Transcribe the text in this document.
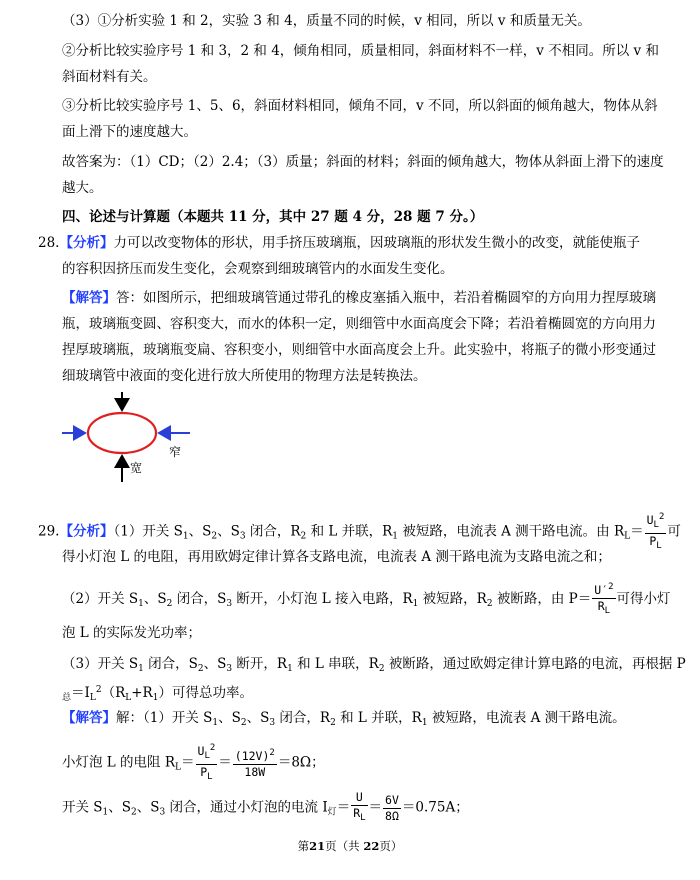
（3）①分析实验 1 和 2，实验 3 和 4，质量不同的时候，v 相同，所以 v 和质量无关。
②分析比较实验序号 1 和 3，2 和 4，倾角相同，质量相同，斜面材料不一样，v 不相同。所以 v 和
斜面材料有关。
③分析比较实验序号 1、5、6，斜面材料相同，倾角不同，v 不同，所以斜面的倾角越大，物体从斜
面上滑下的速度越大。
故答案为：（1）CD；（2）2.4；（3）质量；斜面的材料；斜面的倾角越大，物体从斜面上滑下的速度
越大。
四、论述与计算题（本题共 11 分，其中 27 题 4 分，28 题 7 分。）
28.【分析】力可以改变物体的形状，用手挤压玻璃瓶，因玻璃瓶的形状发生微小的改变，就能使瓶子
的容积因挤压而发生变化，会观察到细玻璃管内的水面发生变化。
【解答】答：如图所示，把细玻璃管通过带孔的橡皮塞插入瓶中，若沿着椭圆窄的方向用力捏厚玻璃
瓶，玻璃瓶变圆、容积变大，而水的体积一定，则细管中水面高度会下降；若沿着椭圆宽的方向用力
捏厚玻璃瓶，玻璃瓶变扁、容积变小，则细管中水面高度会上升。此实验中，将瓶子的微小形变通过
细玻璃管中液面的变化进行放大所使用的物理方法是转换法。
宽
窄
29.【分析】（1）开关 $S_1$、$S_2$、$S_3$ 闭合，$R_2$ 和 L 并联，$R_1$ 被短路，电流表 A 测干路电流。由 $R_L= \frac{U_L^2}{P_L}$ 可
得小灯泡 L 的电阻，再用欧姆定律计算各支路电流，电流表 A 测干路电流为支路电流之和；
（2）开关 $S_1$、$S_2$ 闭合，$S_3$ 断开，小灯泡 L 接入电路，$R_1$ 被短路，$R_2$ 被断路，由 $P= \frac{U'^2}{R_L}$ 可得小灯
泡 L 的实际发光功率；
（3）开关 $S_1$ 闭合，$S_2$、$S_3$ 断开，$R_1$ 和 L 串联，$R_2$ 被断路，通过欧姆定律计算电路的电流，再根据 P
$_总=I_L^2(R_L+R_1)$可得总功率。
【解答】解：（1）开关 $S_1$、$S_2$、$S_3$ 闭合，$R_2$ 和 L 并联，$R_1$ 被短路，电流表 A 测干路电流。
小灯泡 L 的电阻 $R_L= \frac{U_L^2}{P_L} = \frac{(12V)^2}{18W} =8\Omega$；
开关 $S_1$、$S_2$、$S_3$ 闭合，通过小灯泡的电流 $I_灯= \frac{U}{R_L} = \frac{6V}{8\Omega} =0.75A$；
第21页（共 22页）
